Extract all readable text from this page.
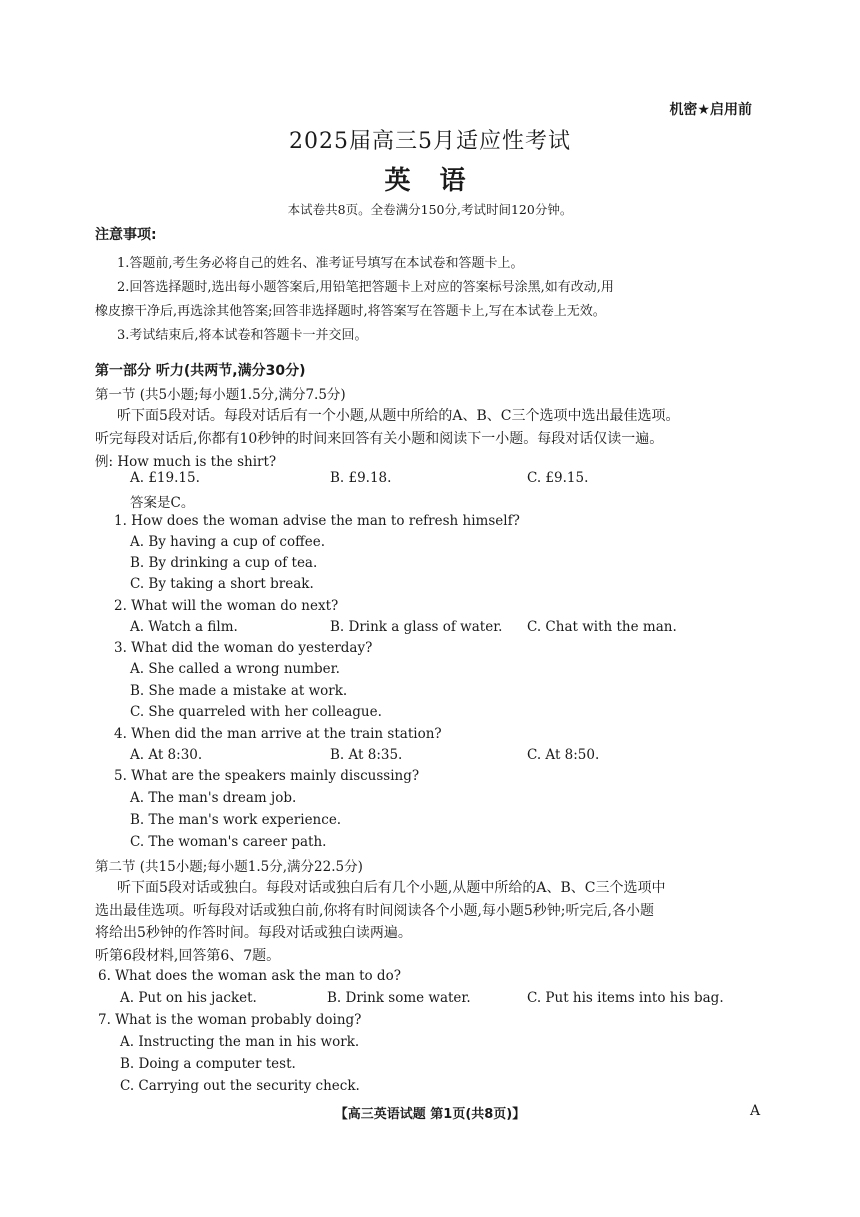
机密★启用前
2025届高三5月适应性考试
英 语
本试卷共8页。全卷满分150分,考试时间120分钟。
注意事项:
1.答题前,考生务必将自己的姓名、准考证号填写在本试卷和答题卡上。
2.回答选择题时,选出每小题答案后,用铅笔把答题卡上对应的答案标号涂黑,如有改动,用
橡皮擦干净后,再选涂其他答案;回答非选择题时,将答案写在答题卡上,写在本试卷上无效。
3.考试结束后,将本试卷和答题卡一并交回。
第一部分 听力(共两节,满分30分)
第一节 (共5小题;每小题1.5分,满分7.5分)
听下面5段对话。每段对话后有一个小题,从题中所给的A、B、C三个选项中选出最佳选项。
听完每段对话后,你都有10秒钟的时间来回答有关小题和阅读下一小题。每段对话仅读一遍。
例: How much is the shirt?
A. £19.15.	B. £9.18.	C. £9.15.
答案是C。
1. How does the woman advise the man to refresh himself?
A. By having a cup of coffee.
B. By drinking a cup of tea.
C. By taking a short break.
2. What will the woman do next?
A. Watch a film.	B. Drink a glass of water. C. Chat with the man.
3. What did the woman do yesterday?
A. She called a wrong number.
B. She made a mistake at work.
C. She quarreled with her colleague.
4. When did the man arrive at the train station?
A. At 8:30.	B. At 8:35.	C. At 8:50.
5. What are the speakers mainly discussing?
A. The man's dream job.
B. The man's work experience.
C. The woman's career path.
第二节 (共15小题;每小题1.5分,满分22.5分)
听下面5段对话或独白。每段对话或独白后有几个小题,从题中所给的A、B、C三个选项中
选出最佳选项。听每段对话或独白前,你将有时间阅读各个小题,每小题5秒钟;听完后,各小题
将给出5秒钟的作答时间。每段对话或独白读两遍。
听第6段材料,回答第6、7题。
6. What does the woman ask the man to do?
A. Put on his jacket.	B. Drink some water.	C. Put his items into his bag.
7. What is the woman probably doing?
A. Instructing the man in his work.
B. Doing a computer test.
C. Carrying out the security check.
【高三英语试题 第1页(共8页)】	A
